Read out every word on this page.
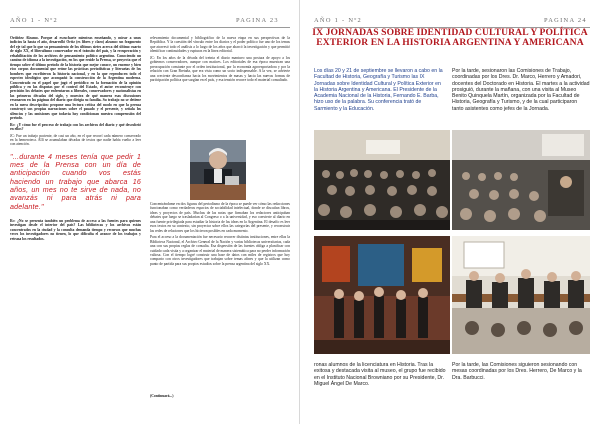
AÑO 1 - Nº2	PAGINA 23

Ordóñez Alzamo. Porque al escucharte mientras enseñando, y mirar a unos indicios la hasta el año, desarrolló Ortiz (es libres y claro) alzamo: un fragmento del eje tal que lo que su pensamiento de los últimos sietes acerca del último cuarto de siglo XX, el liberalismo conservador en el tránsito del país, y la recuperación y rehabilitación de los archivos de pensamiento político argentino. Conociendo un camino de idioma a la investigación, en los que reside la Prensa, se proyecta que el tiempo sobre el último período de la historia que mejor conoce, un enorme y bien rico corpus documental que reúne las prácticas periodísticas y literarias de los hombres que escribieron la historia nacional, y en la que reproducen todo el espectro ideológico que acompañó la construcción de la Argentina moderna. Concentrado en el papel que jugó el periódico en la formación de la opinión pública y en las disputas por el control del Estado, el autor reconstruye con precisión los debates que enfrentaron a liberales, conservadores y nacionalistas en las primeras décadas del siglo, y muestra de qué manera esas discusiones resonaron en las páginas del diario que dirigía su familia. Su trabajo no se detiene en la mera descripción: propone una lectura crítica del modo en que la prensa construyó sus propias narraciones sobre el pasado y el presente, y señala los silencios y las omisiones que todavía hoy condicionan nuestra comprensión del periodo.

Rc: ¿Y cómo fue el proceso de trabajo con los archivos del diario y qué descubrió en ellos?

JC: Fue un trabajo paciente, de casi un año, en el que recorrí cada número conservado en la hemeroteca. Allí se acumulaban décadas de textos que nadie había vuelto a leer con atención.

"...durante 4 meses tenía que pedir 1 mes de la Prensa con un día de anticipación cuando vos estás haciendo un trabajo que abarca 16 años, un mes no te sirve de nada, no avanzás ni para atrás ni para adelante."

Rc: ¿No se presenta también un problema de acceso a las fuentes para quienes investigan desde el interior del país? Las bibliotecas y los archivos están concentrados en la ciudad y la consulta demanda tiempo y recursos que muchas veces los investigadores no tienen, lo que dificulta el avance de los trabajos y retrasa los resultados.

relevamiento documental y bibliográfico de la nueva etapa en sus perspectivas de la República. Y la cuestión del vínculo entre los diarios y el poder político fue uno de los temas que atravesó todo el análisis a lo largo de los años que abarcó la investigación y que permitió identificar continuidades y rupturas en la línea editorial.

JC: En los años de la década del treinta el diario mantuvo una postura de apoyo a los gobiernos conservadores, aunque con matices. Los editoriales de esa época muestran una preocupación constante por el orden institucional, por la economía agroexportadora y por la relación con Gran Bretaña, que era vista como un socio indispensable. A la vez, se advierte una creciente desconfianza hacia los movimientos de masas y hacia las nuevas formas de participación política que surgían en el país, y esa tensión recorre todo el material consultado.

Concentrándome en dos figuras del periodismo de la época se puede ver cómo las redacciones funcionaban como verdaderos espacios de sociabilidad intelectual, donde se discutían libros, ideas y proyectos de país. Muchas de las notas que firmaban los redactores anticipaban debates que luego se trasladarían al Congreso o a la universidad, y eso convierte al diario en una fuente privilegiada para estudiar la historia de las ideas en la Argentina. El desafío es leer esos textos en su contexto, sin proyectar sobre ellos las categorías del presente, y reconstruir las redes de relaciones que los hicieron posibles en cada momento.

Para el acceso a la documentación fue necesario recorrer distintas instituciones, entre ellas la Biblioteca Nacional, el Archivo General de la Nación y varias bibliotecas universitarias, cada una con sus propias reglas de consulta. Esa dispersión de las fuentes obliga a planificar con cuidado cada visita y a organizar el material de manera sistemática para no perder información valiosa. Con el tiempo logré construir una base de datos con miles de registros que hoy comparto con otros investigadores que trabajan sobre temas afines y que la utilizan como punto de partida para sus propios estudios sobre la prensa argentina del siglo XX.

(Continuará...)
AÑO 1 - Nº2	PAGINA 24
IX JORNADAS SOBRE IDENTIDAD CULTURAL Y POLÍTICA EXTERIOR EN LA HISTORIA ARGENTINA Y AMERICANA

Los días 20 y 21 de septiembre se llevaron a cabo en la Facultad de Historia, Geografía y Turismo las IX Jornadas sobre Identidad Cultural y Política Exterior en la Historia Argentina y Americana. El Presidente de la Academia Nacional de la Historia, Fernando E. Barba, hizo uso de la palabra. Su conferencia trató de Sarmiento y la Educación.

Por la tarde, sesionaron las Comisiones de Trabajo, coordinadas por los Dres. Dr. Marco, Herrero y Amadori, docentes del Doctorado en Historia. El martes a la actividad prosiguió, durante la mañana, con una visita al Museo Benito Quinquela Martín, organizada por la Facultad de Historia, Geografía y Turismo, y de la cual participaron tanto asistentes como jefes de la Jornada.

ronas alumnos de la licenciatura en Historia. Tras la exitosa y destacada visita al museo, el grupo fue recibido en el Instituto Nacional Browniano por su Presidente, Dr. Miguel Ángel De Marco.

Por la tarde, las Comisiones siguieron sesionando con mesas coordinadas por los Dres. Herrero, De Marco y la Dra. Barbucci.
